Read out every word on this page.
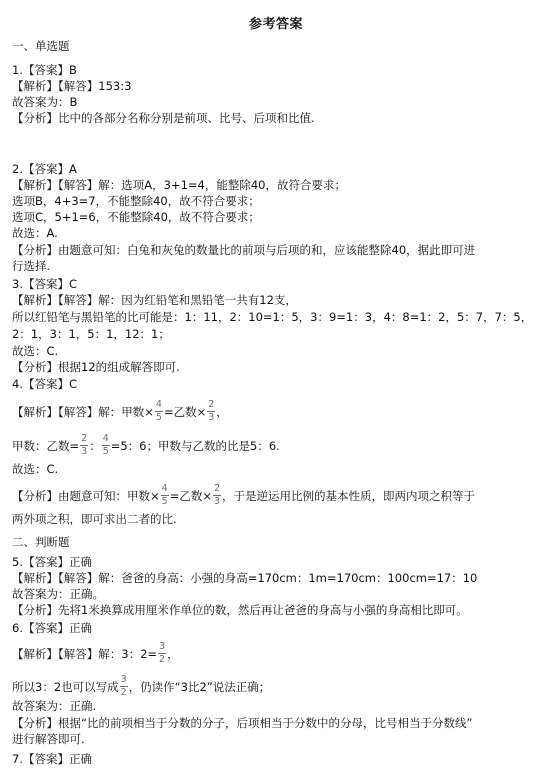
参考答案
一、单选题
1.【答案】B
【解析】【解答】153:3
故答案为：B
【分析】比中的各部分名称分别是前项、比号、后项和比值.
2.【答案】A
【解析】【解答】解：选项A，3+1=4，能整除40，故符合要求；
选项B，4+3=7，不能整除40，故不符合要求；
选项C，5+1=6，不能整除40，故不符合要求；
故选：A.
【分析】由题意可知：白兔和灰兔的数量比的前项与后项的和，应该能整除40，据此即可进
行选择.
3.【答案】C
【解析】【解答】解：因为红铅笔和黑铅笔一共有12支，
所以红铅笔与黑铅笔的比可能是：1：11，2：10=1：5，3：9=1：3，4：8=1：2，5：7，7：5，
2：1，3：1，5：1，12：1；
故选：C.
【分析】根据12的组成解答即可.
4.【答案】C
二、判断题
5.【答案】正确
【解析】【解答】解：爸爸的身高：小强的身高=170cm：1m=170cm：100cm=17：10
故答案为：正确。
【分析】先将1米换算成用厘米作单位的数，然后再让爸爸的身高与小强的身高相比即可。
6.【答案】正确
故答案为：正确.
【分析】根据“比的前项相当于分数的分子，后项相当于分数中的分母，比号相当于分数线”
进行解答即可.
7.【答案】正确
【解析】【解答】解：甲数× $\frac{4}{5}$ =乙数× $\frac{2}{3}$ ，
甲数：乙数= $\frac{2}{3}$ ： $\frac{4}{5} =5$：6；甲数与乙数的比是5：6.
故选：C.
【分析】由题意可知：甲数× $\frac{4}{5}$ =乙数× $\frac{2}{3}$ ，于是逆运用比例的基本性质，即两内项之积等于
两外项之积，即可求出二者的比.
【解析】【解答】解：3：$2= \frac{3}{2}$ ，
所以3：2也可以写成 $\frac{3}{2}$ ，仍读作“3比2”说法正确；
